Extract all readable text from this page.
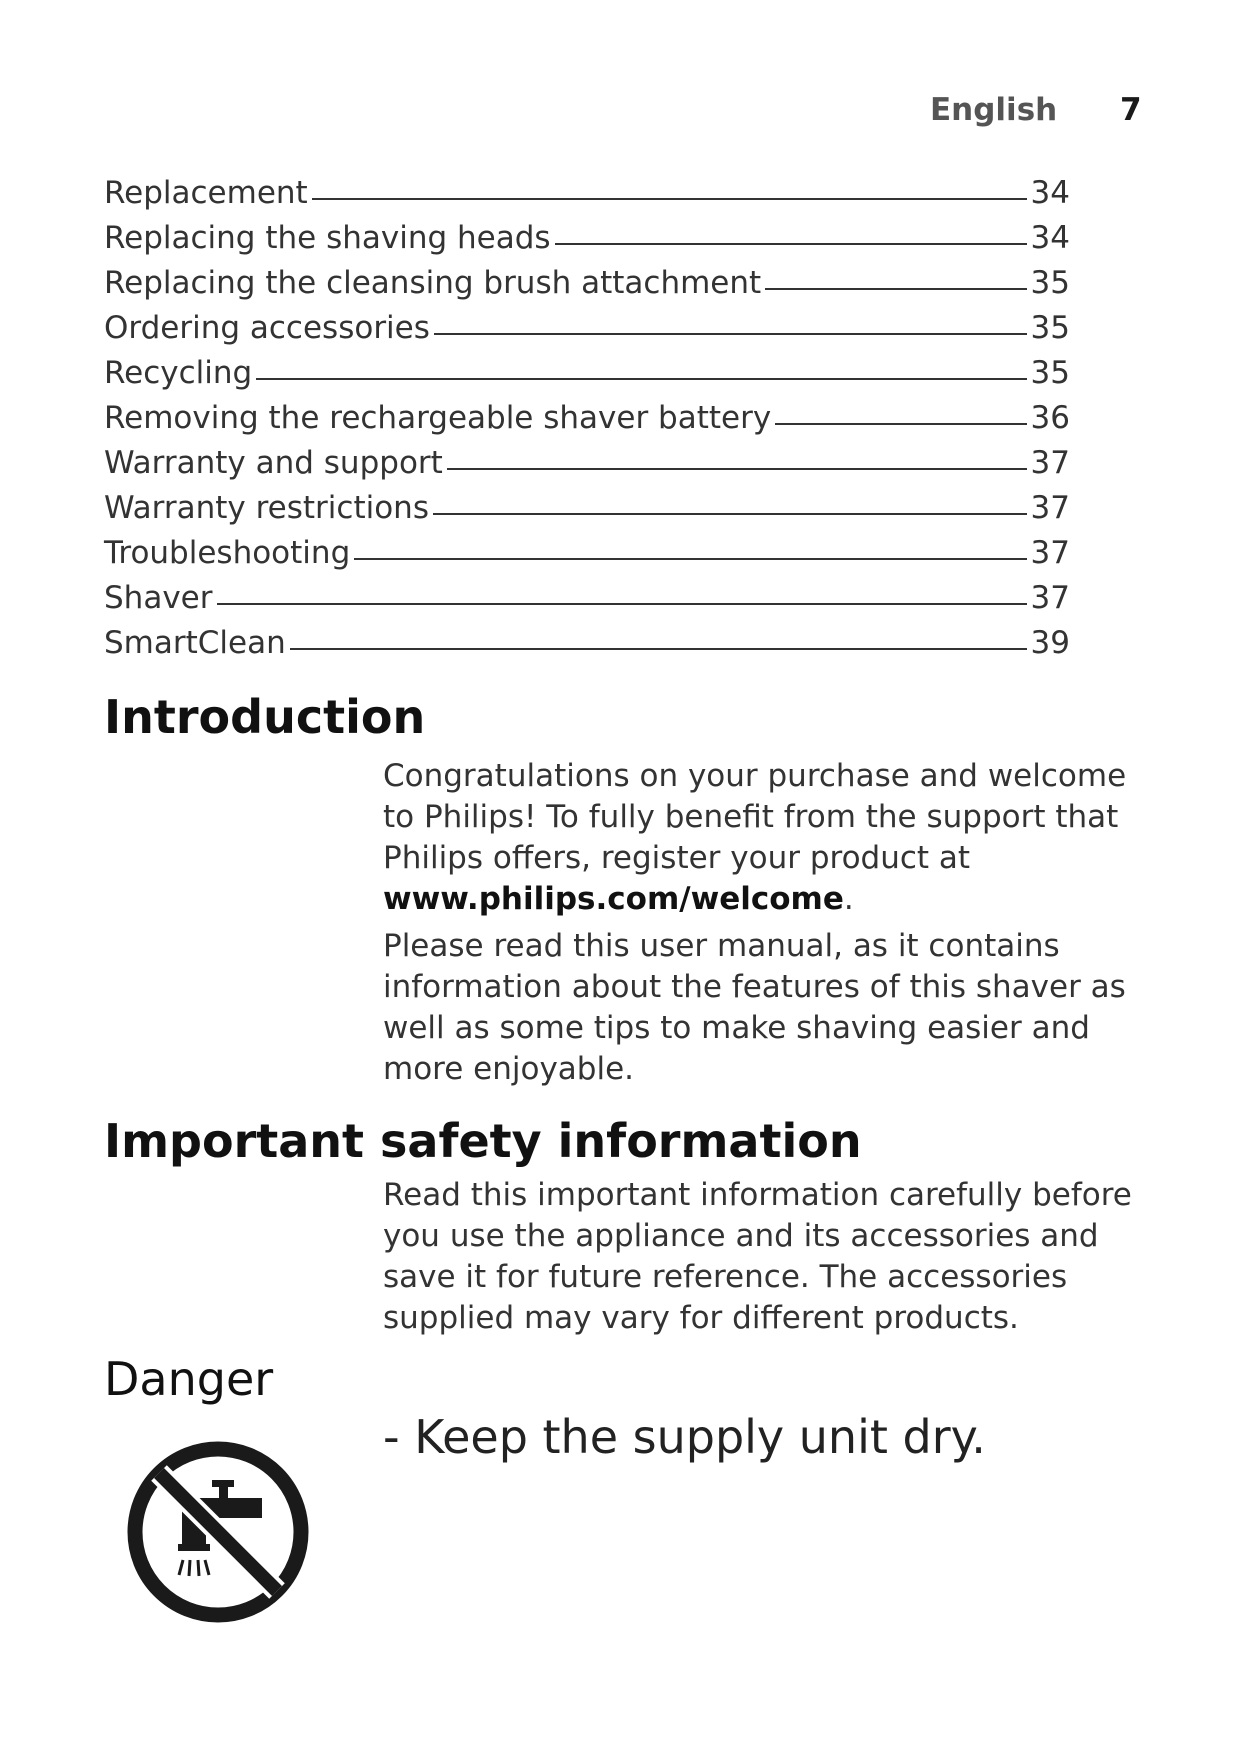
English 7
Replacement	34
Replacing the shaving heads	34
Replacing the cleansing brush attachment	35
Ordering accessories	35
Recycling	35
Removing the rechargeable shaver battery	36
Warranty and support	37
Warranty restrictions	37
Troubleshooting	37
Shaver	37
SmartClean	39
Introduction

Congratulations on your purchase and welcome to Philips! To fully benefit from the support that Philips offers, register your product at www.philips.com/welcome.

Please read this user manual, as it contains information about the features of this shaver as well as some tips to make shaving easier and more enjoyable.

Important safety information

Read this important information carefully before you use the appliance and its accessories and save it for future reference. The accessories supplied may vary for different products.

Danger

- Keep the supply unit dry.
